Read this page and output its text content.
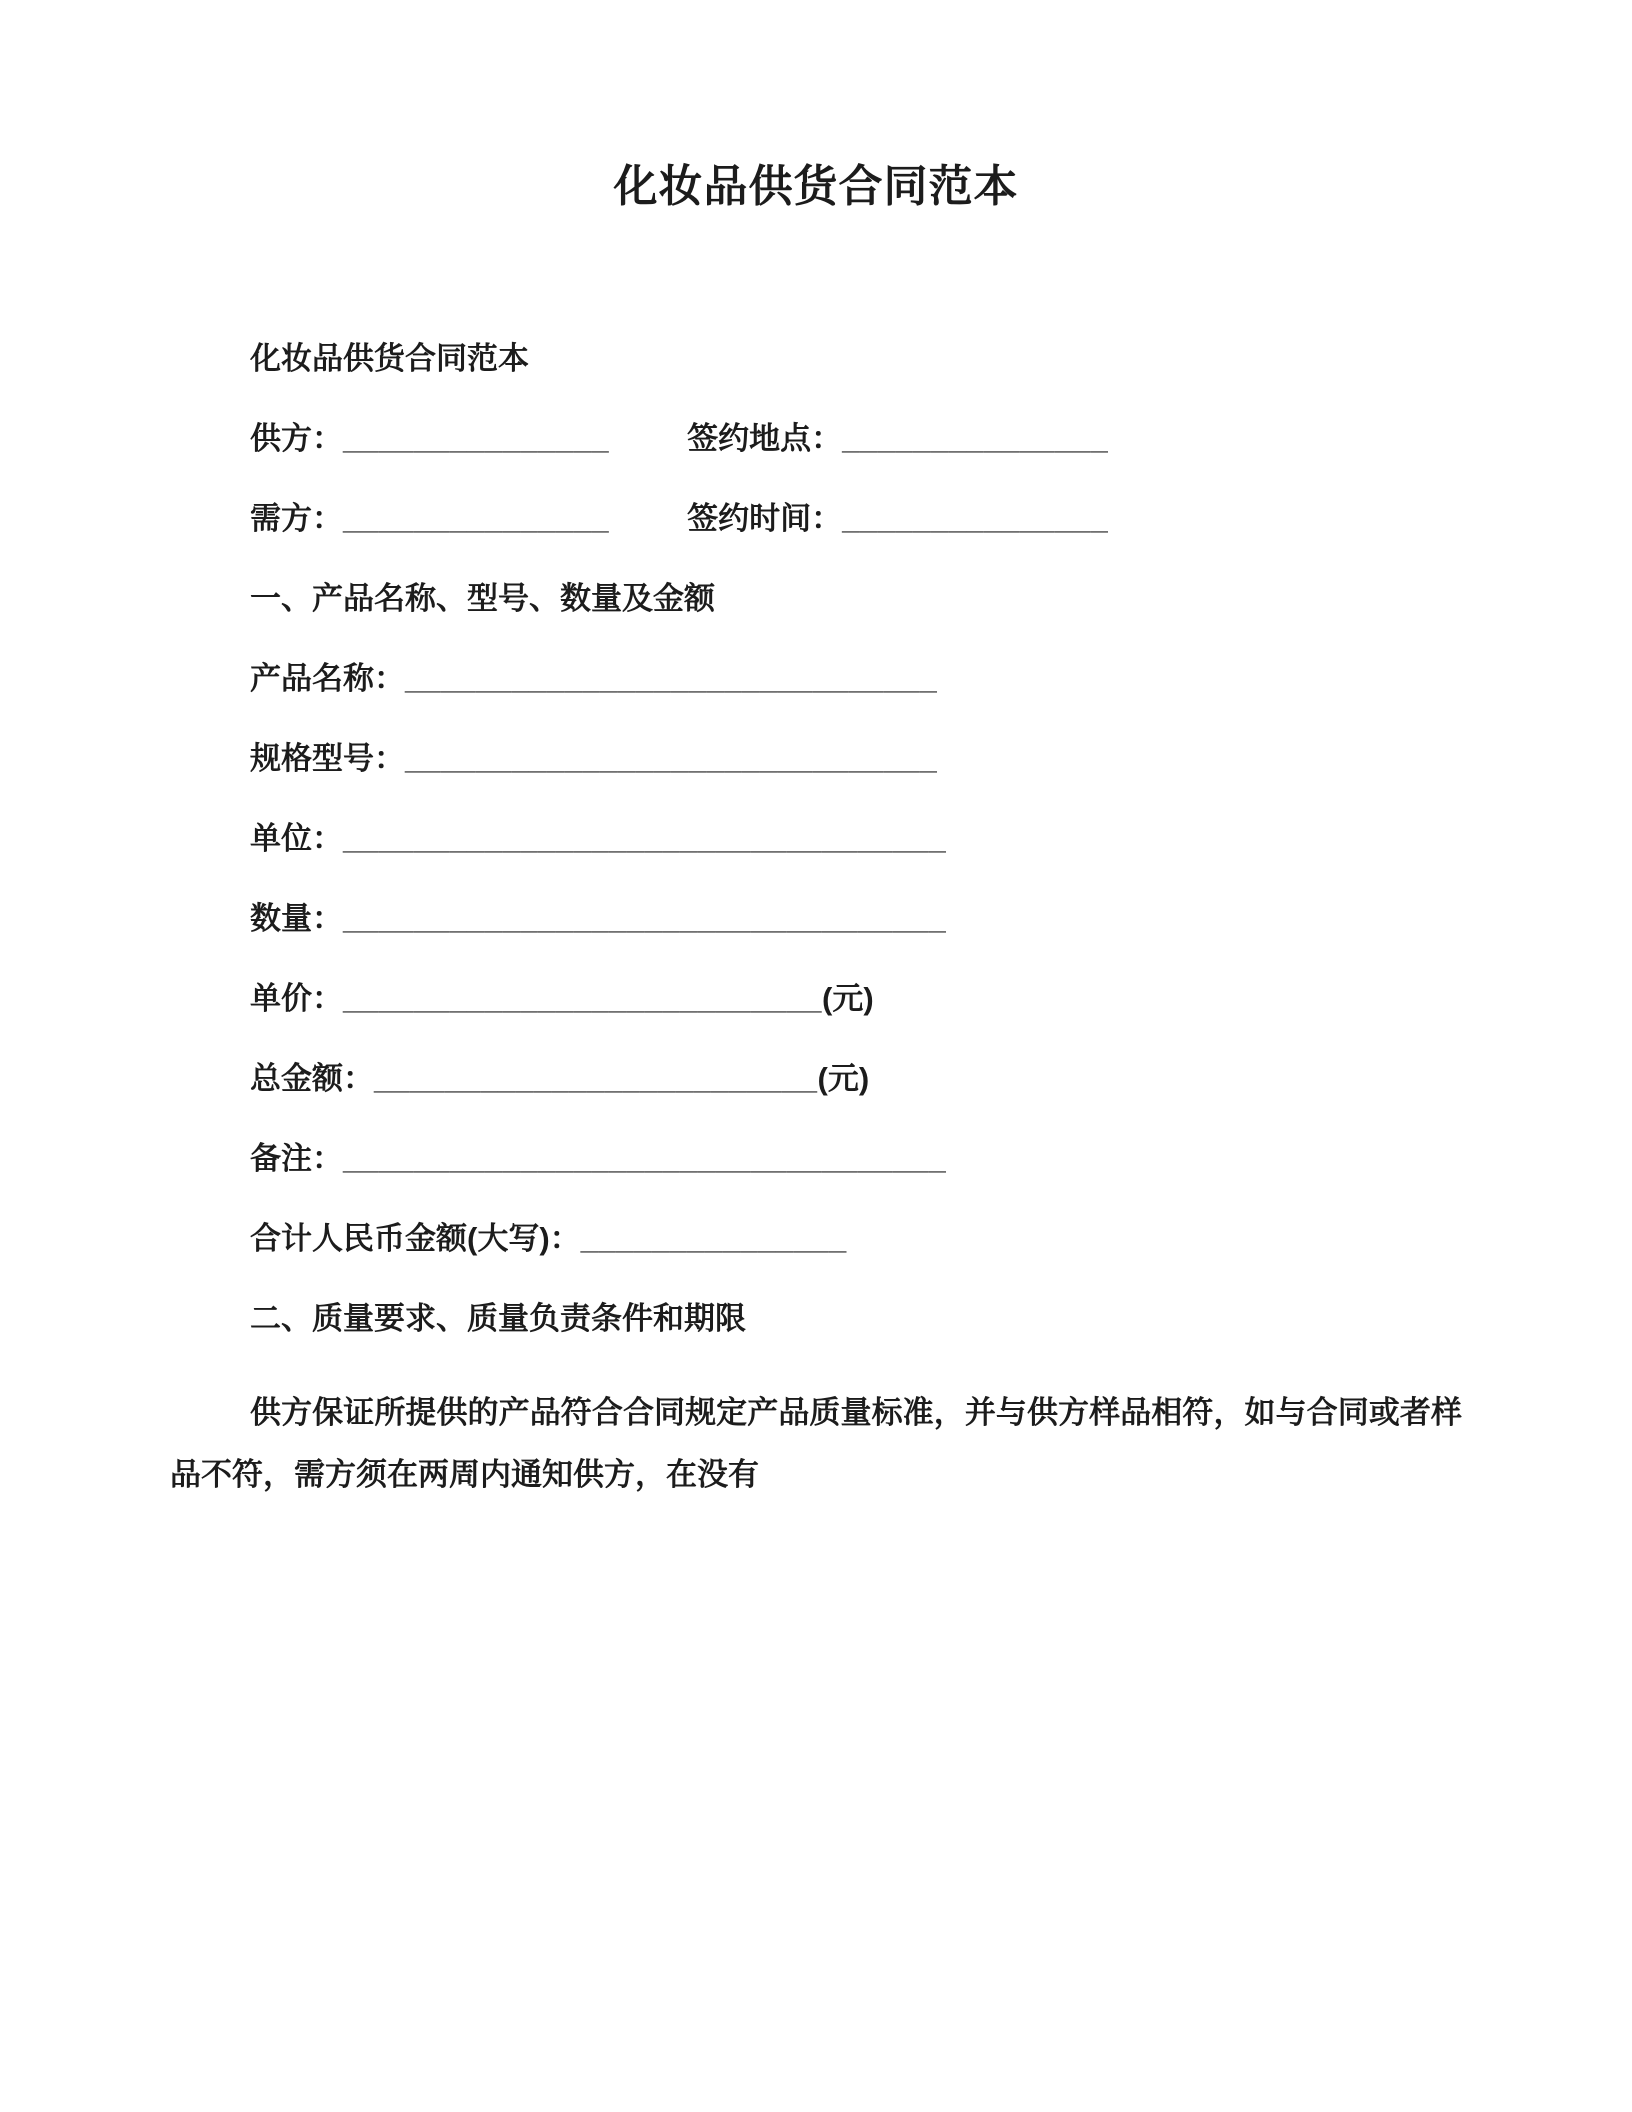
化妆品供货合同范本

化妆品供货合同范本

供方：_______________	签约地点：_______________

需方：_______________	签约时间：_______________

一、产品名称、型号、数量及金额

产品名称：______________________________

规格型号：______________________________

单位：__________________________________

数量：__________________________________

单价：___________________________(元)

总金额：_________________________(元)

备注：__________________________________

合计人民币金额(大写)：_______________

二、质量要求、质量负责条件和期限

供方保证所提供的产品符合合同规定产品质量标准，并与供方样品相符，如与合同或者样品不符，需方须在两周内通知供方，在没有
